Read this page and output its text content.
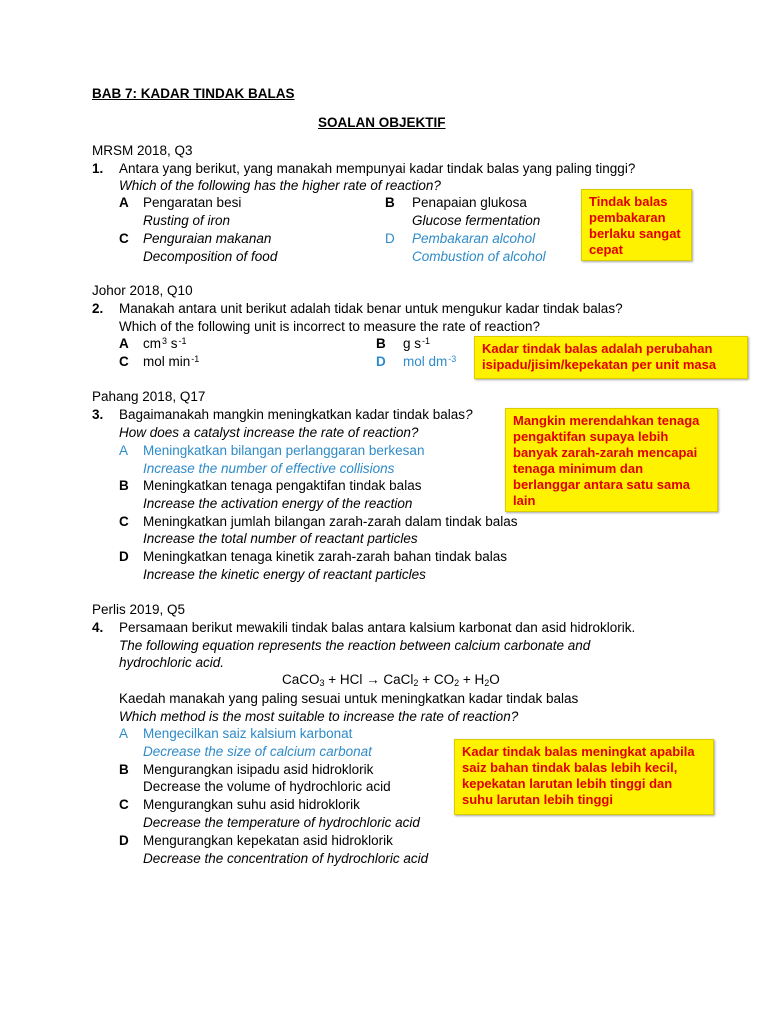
BAB 7: KADAR TINDAK BALAS
SOALAN OBJEKTIF
MRSM 2018, Q3
1. Antara yang berikut, yang manakah mempunyai kadar tindak balas yang paling tinggi?
Which of the following has the higher rate of reaction?
A Pengaratan besi
Rusting of iron
B Penapaian glukosa
Glucose fermentation
C Penguraian makanan
Decomposition of food
D Pembakaran alcohol
Combustion of alcohol
Tindak balas pembakaran berlaku sangat cepat
Johor 2018, Q10
2. Manakah antara unit berikut adalah tidak benar untuk mengukur kadar tindak balas?
Which of the following unit is incorrect to measure the rate of reaction?
A $cm^3$ $s^{-1}$	B g $s^{-1}$
C mol $\min^{-1}$	D mol $dm^{-3}$
Kadar tindak balas adalah perubahan isipadu/jisim/kepekatan per unit masa
Pahang 2018, Q17
3. Bagaimanakah mangkin meningkatkan kadar tindak balas?
How does a catalyst increase the rate of reaction?
A Meningkatkan bilangan perlanggaran berkesan
Increase the number of effective collisions
B Meningkatkan tenaga pengaktifan tindak balas
Increase the activation energy of the reaction
C Meningkatkan jumlah bilangan zarah-zarah dalam tindak balas
Increase the total number of reactant particles
D Meningkatkan tenaga kinetik zarah-zarah bahan tindak balas
Increase the kinetic energy of reactant particles
Mangkin merendahkan tenaga pengaktifan supaya lebih banyak zarah-zarah mencapai tenaga minimum dan berlanggar antara satu sama lain
Perlis 2019, Q5
4. Persamaan berikut mewakili tindak balas antara kalsium karbonat dan asid hidroklorik.
The following equation represents the reaction between calcium carbonate and
hydrochloric acid.
CaCO$_3$ + HCl → CaCl$_2$ + $CO_2 + H_2O$
Kaedah manakah yang paling sesuai untuk meningkatkan kadar tindak balas
Which method is the most suitable to increase the rate of reaction?
A Mengecilkan saiz kalsium karbonat
Decrease the size of calcium carbonat
B Mengurangkan isipadu asid hidroklorik
Decrease the volume of hydrochloric acid
C Mengurangkan suhu asid hidroklorik
Decrease the temperature of hydrochloric acid
D Mengurangkan kepekatan asid hidroklorik
Decrease the concentration of hydrochloric acid
Kadar tindak balas meningkat apabila saiz bahan tindak balas lebih kecil, kepekatan larutan lebih tinggi dan suhu larutan lebih tinggi
